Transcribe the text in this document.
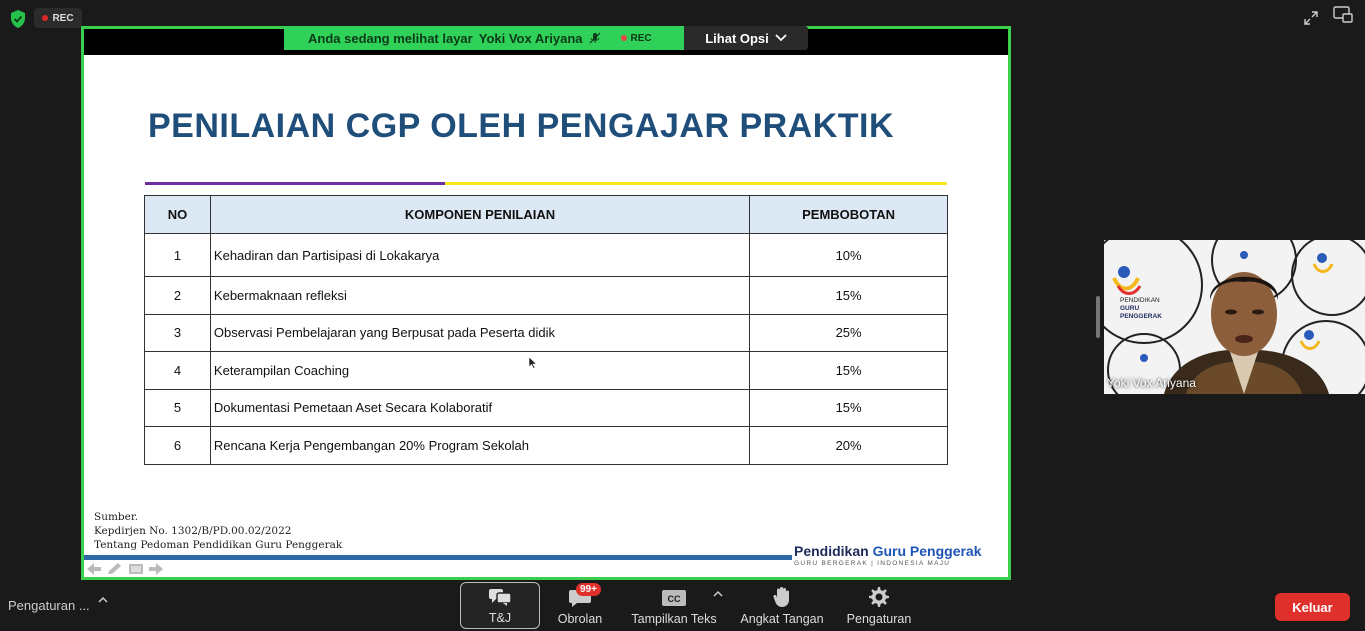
REC
PENILAIAN CGP OLEH PENGAJAR PRAKTIK
NO	KOMPONEN PENILAIAN	PEMBOBOTAN
1	Kehadiran dan Partisipasi di Lokakarya	10%
2	Kebermaknaan refleksi	15%
3	Observasi Pembelajaran yang Berpusat pada Peserta didik	25%
4	Keterampilan Coaching	15%
5	Dokumentasi Pemetaan Aset Secara Kolaboratif	15%
6	Rencana Kerja Pengembangan 20% Program Sekolah	20%
Sumber.
Kepdirjen No. 1302/B/PD.00.02/2022
Tentang Pedoman Pendidikan Guru Penggerak	Pendidikan Guru Penggerak
GURU BERGERAK | INDONESIA MAJU
Anda sedang melihat layar Yoki Vox Ariyana	REC	Lihat Opsi
PENDIDIKAN
GURU
PENGGERAK
Yoki Vox Ariyana
Pengaturan ...
T&J
99+
Obrolan
CC
Tampilkan Teks Angkat Tangan Pengaturan
Keluar
